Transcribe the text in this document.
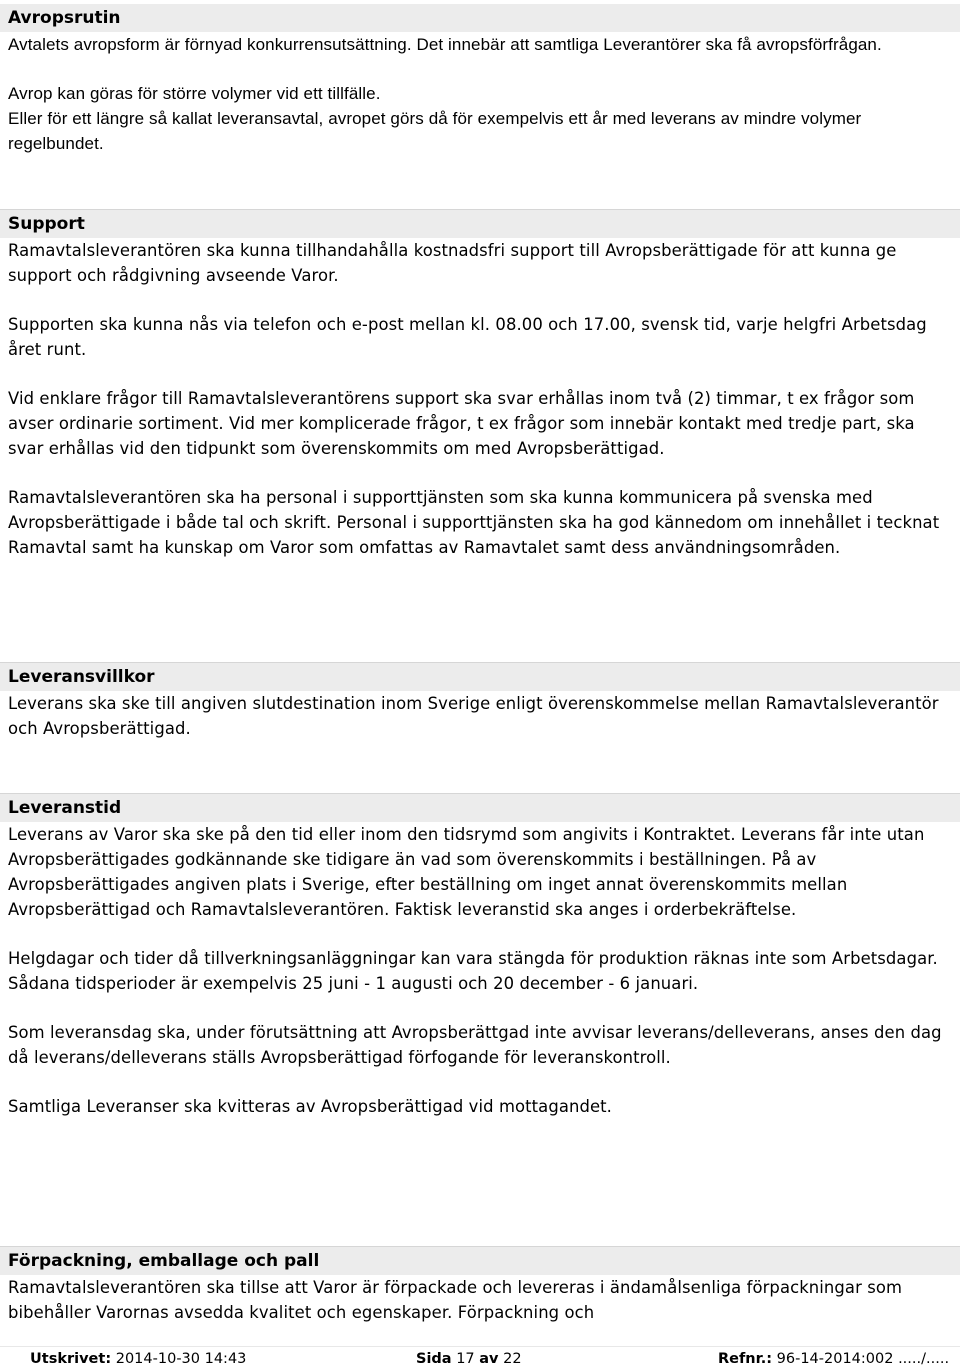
Avropsrutin

Avtalets avropsform är förnyad konkurrensutsättning. Det innebär att samtliga Leverantörer ska få avropsförfrågan.

Avrop kan göras för större volymer vid ett tillfälle.

Eller för ett längre så kallat leveransavtal, avropet görs då för exempelvis ett år med leverans av mindre volymer regelbundet.

Support

Ramavtalsleverantören ska kunna tillhandahålla kostnadsfri support till Avropsberättigade för att kunna ge support och rådgivning avseende Varor.

Supporten ska kunna nås via telefon och e-post mellan kl. 08.00 och 17.00, svensk tid, varje helgfri Arbetsdag året runt.

Vid enklare frågor till Ramavtalsleverantörens support ska svar erhållas inom två (2) timmar, t ex frågor som avser ordinarie sortiment. Vid mer komplicerade frågor, t ex frågor som innebär kontakt med tredje part, ska svar erhållas vid den tidpunkt som överenskommits om med Avropsberättigad.

Ramavtalsleverantören ska ha personal i supporttjänsten som ska kunna kommunicera på svenska med Avropsberättigade i både tal och skrift. Personal i supporttjänsten ska ha god kännedom om innehållet i tecknat Ramavtal samt ha kunskap om Varor som omfattas av Ramavtalet samt dess användningsområden.

Leveransvillkor

Leverans ska ske till angiven slutdestination inom Sverige enligt överenskommelse mellan Ramavtalsleverantör och Avropsberättigad.

Leveranstid

Leverans av Varor ska ske på den tid eller inom den tidsrymd som angivits i Kontraktet. Leverans får inte utan Avropsberättigades godkännande ske tidigare än vad som överenskommits i beställningen. På av Avropsberättigades angiven plats i Sverige, efter beställning om inget annat överenskommits mellan Avropsberättigad och Ramavtalsleverantören. Faktisk leveranstid ska anges i orderbekräftelse.

Helgdagar och tider då tillverkningsanläggningar kan vara stängda för produktion räknas inte som Arbetsdagar. Sådana tidsperioder är exempelvis 25 juni - 1 augusti och 20 december - 6 januari.

Som leveransdag ska, under förutsättning att Avropsberättgad inte avvisar leverans/delleverans, anses den dag då leverans/delleverans ställs Avropsberättigad förfogande för leveranskontroll.

Samtliga Leveranser ska kvitteras av Avropsberättigad vid mottagandet.

Förpackning, emballage och pall

Ramavtalsleverantören ska tillse att Varor är förpackade och levereras i ändamålsenliga förpackningar som bibehåller Varornas avsedda kvalitet och egenskaper. Förpackning och

Utskrivet: 2014-10-30 14:43	Sida 17 av 22	Refnr.: 96-14-2014:002 ...../.....
